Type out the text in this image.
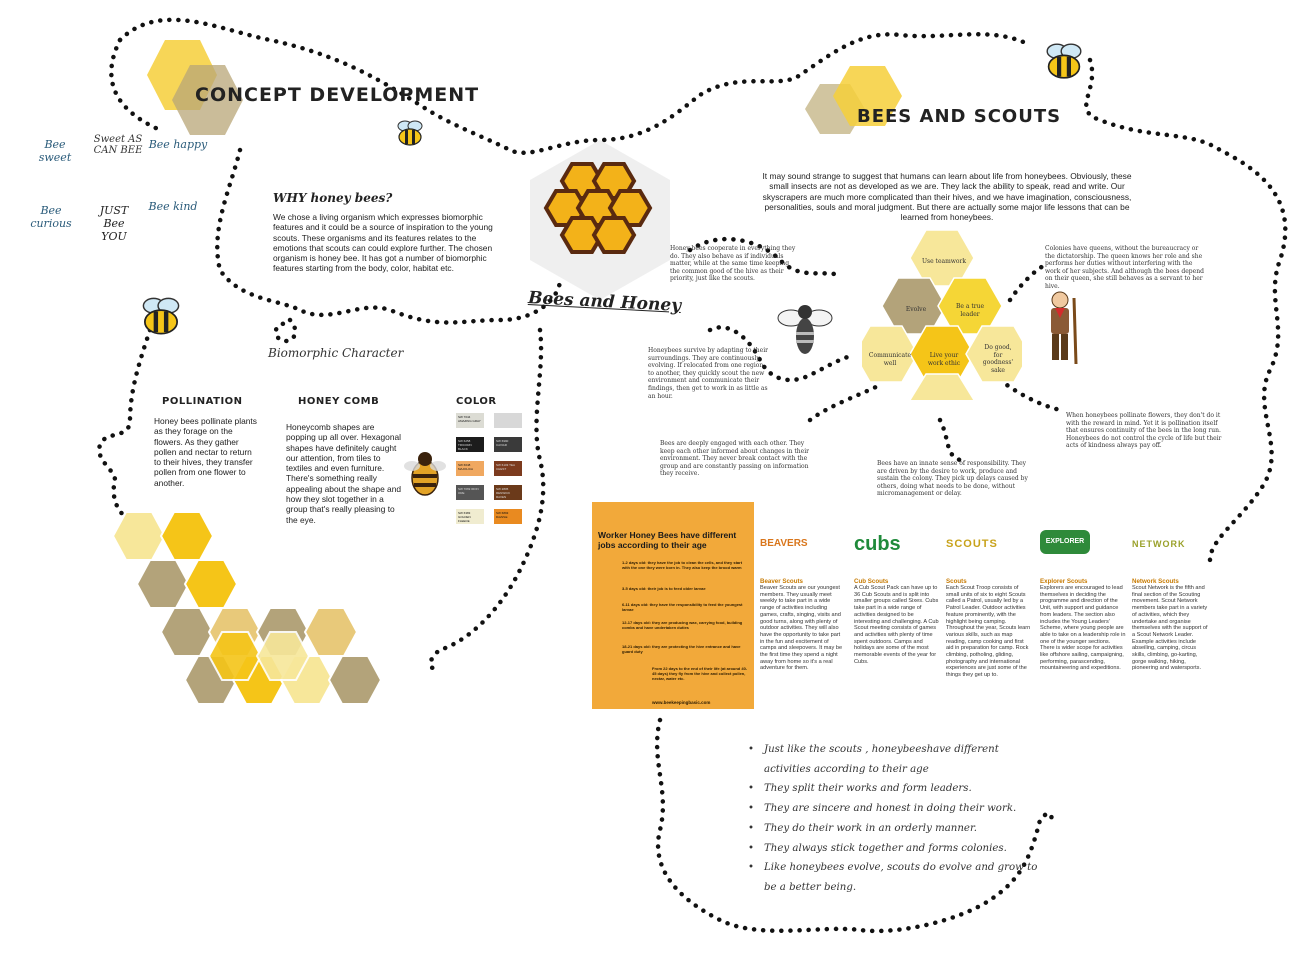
CONCEPT DEVELOPMENT
Bee sweet
Sweet AS CAN BEE Bee happy
Bee curious
JUST Bee YOU
Bee kind
WHY honey bees?
We chose a living organism which expresses biomorphic features and it could be a source of inspiration to the young scouts. These organisms and its features relates to the emotions that scouts can could explore further. The chosen organism is honey bee. It has got a number of biomorphic features starting from the body, color, habitat etc.
Bees and Honey
Biomorphic Character
POLLINATION
Honey bees pollinate plants as they forage on the flowers. As they gather pollen and nectar to return to their hives, they transfer pollen from one flower to another.
HONEY COMB
Honeycomb shapes are popping up all over. Hexagonal shapes have definitely caught our attention, from tiles to textiles and even furniture. There's something really appealing about the shape and how they slot together in a group that's really pleasing to the eye.
COLOR
SW 7044 AMAZING GRAY
SW 6258 TRICORN BLACK
SW 6990 CAVIAR
SW 6648 MAJOLICA
SW 6103 TEA CHEST
SW 7069 IRON ORE
SW 2805 RENWICK RAVEN
SW 6383 GOLDEN FLEECE
SW 6893 DAZZLE
BEES AND SCOUTS
It may sound strange to suggest that humans can learn about life from honeybees. Obviously, these small insects are not as developed as we are. They lack the ability to speak, read and write. Our skyscrapers are much more complicated than their hives, and we have imagination, consciousness, personalities, souls and moral judgment. But there are actually some major life lessons that can be learned from honeybees.
Use teamwork
Evolve	Be a true leader
Communicate well
Live your work ethic
Do good, for goodness' sake
Honey bees cooperate in everything they do. They also behave as if individuals matter, while at the same time keeping the common good of the hive as their priority, just like the scouts.
Colonies have queens, without the bureaucracy or the dictatorship. The queen knows her role and she performs her duties without interfering with the work of her subjects. And although the bees depend on their queen, she still behaves as a servant to her hive.
Honeybees survive by adapting to their surroundings. They are continuously evolving. If relocated from one region to another, they quickly scout the new environment and communicate their findings, then get to work in as little as an hour.
When honeybees pollinate flowers, they don't do it with the reward in mind. Yet it is pollination itself that ensures continuity of the bees in the long run. Honeybees do not control the cycle of life but their acts of kindness always pay off.
Bees are deeply engaged with each other. They keep each other informed about changes in their environment. They never break contact with the group and are constantly passing on information they receive.
Bees have an innate sense of responsibility. They are driven by the desire to work, produce and sustain the colony. They pick up delays caused by others, doing what needs to be done, without micromanagement or delay.
Worker Honey Bees have different jobs according to their age
1-2 days old: they have the job to clean the cells, and they start with the one they were born in. They also keep the brood warm
3-5 days old: their job is to feed older larvae
6-11 days old: they have the responsibility to feed the youngest larvae
12-17 days old: they are producing wax, carrying food, building combs and have undertaken duties
18-21 days old: they are protecting the hive entrance and have guard duty
From 22 days to the end of their life (at around 40-45 days) they fly from the hive and collect pollen, nectar, water etc.
www.beekeepingbasic.com
BEAVERS
Beaver Scouts
Beaver Scouts are our youngest members. They usually meet weekly to take part in a wide range of activities including games, crafts, singing, visits and good turns, along with plenty of outdoor activities. They will also have the opportunity to take part in the fun and excitement of camps and sleepovers. It may be the first time they spend a night away from home so it's a real adventure for them.
cubs
Cub Scouts
A Cub Scout Pack can have up to 36 Cub Scouts and is split into smaller groups called Sixes. Cubs take part in a wide range of activities designed to be interesting and challenging. A Cub Scout meeting consists of games and activities with plenty of time spent outdoors. Camps and holidays are some of the most memorable events of the year for Cubs.
SCOUTS
Scouts
Each Scout Troop consists of small units of six to eight Scouts called a Patrol, usually led by a Patrol Leader. Outdoor activities feature prominently, with the highlight being camping. Throughout the year, Scouts learn various skills, such as map reading, camp cooking and first aid in preparation for camp. Rock climbing, potholing, gliding, photography and international experiences are just some of the things they get up to.
EXPLORER
Explorer Scouts
Explorers are encouraged to lead themselves in deciding the programme and direction of the Unit, with support and guidance from leaders. The section also includes the Young Leaders' Scheme, where young people are able to take on a leadership role in one of the younger sections. There is wider scope for activities like offshore sailing, campaigning, performing, parascending, mountaineering and expeditions.
NETWORK
Network Scouts
Scout Network is the fifth and final section of the Scouting movement. Scout Network members take part in a variety of activities, which they undertake and organise themselves with the support of a Scout Network Leader. Example activities include abseiling, camping, circus skills, climbing, go-karting, gorge walking, hiking, pioneering and watersports.
• Just like the scouts , honeybeeshave different activities according to their age
• They split their works and form leaders.
• They are sincere and honest in doing their work.
• They do their work in an orderly manner.
• They always stick together and forms colonies.
• Like honeybees evolve, scouts do evolve and grow to be a better being.
